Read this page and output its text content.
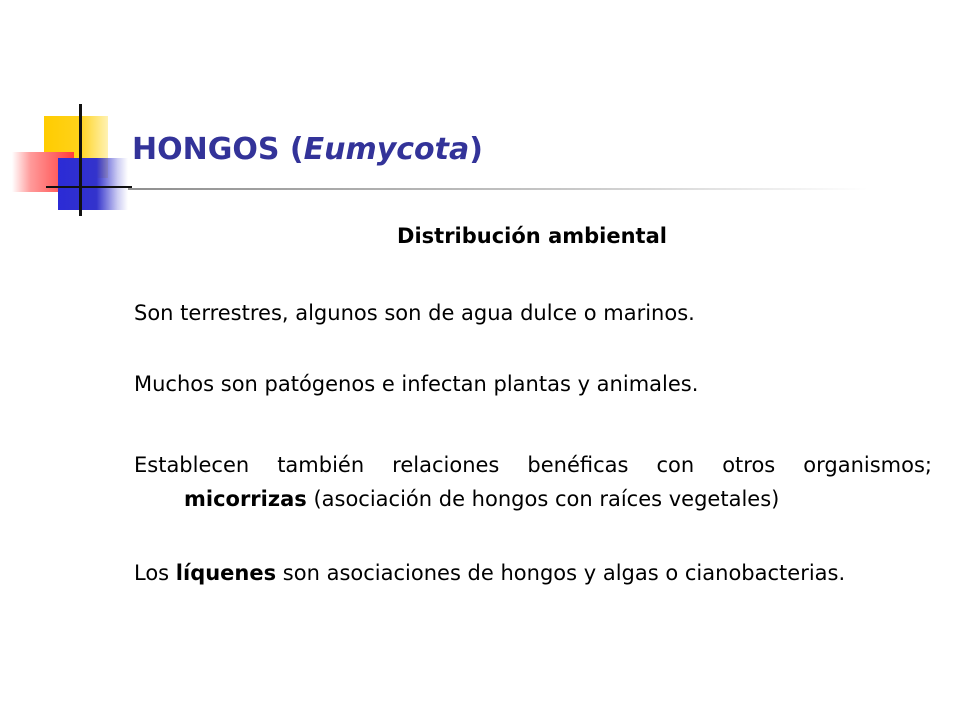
HONGOS (Eumycota)

Distribución ambiental

Son terrestres, algunos son de agua dulce o marinos.

Muchos son patógenos e infectan plantas y animales.

Establecen también relaciones benéficas con otros organismos;
micorrizas (asociación de hongos con raíces vegetales)

Los líquenes son asociaciones de hongos y algas o cianobacterias.
